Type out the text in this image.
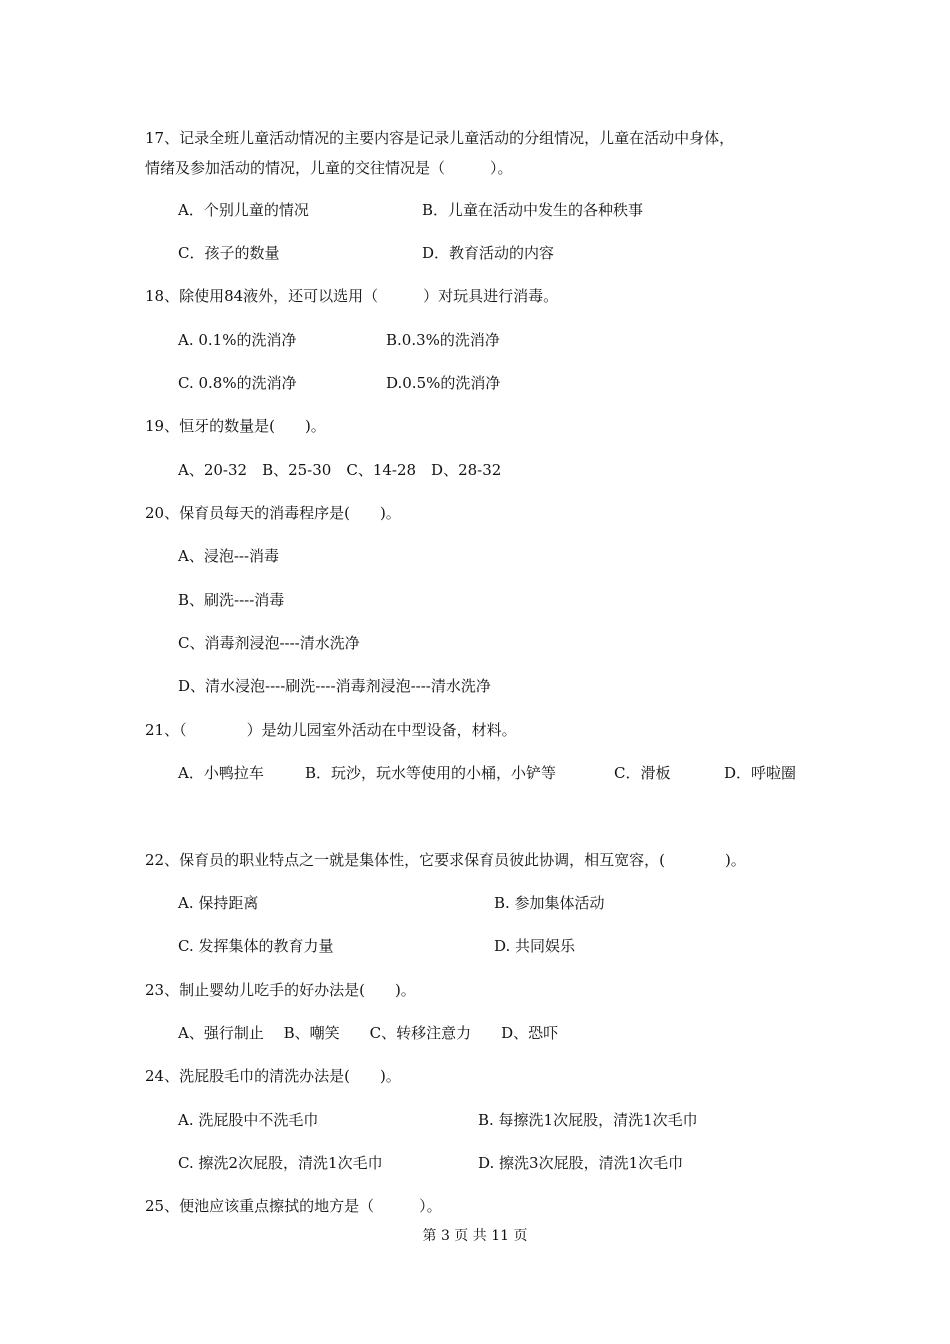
17、记录全班儿童活动情况的主要内容是记录儿童活动的分组情况，儿童在活动中身体，
情绪及参加活动的情况，儿童的交往情况是（　　　）。
A．个别儿童的情况	B．儿童在活动中发生的各种秩事
C．孩子的数量	D．教育活动的内容
18、除使用84液外，还可以选用（　　　）对玩具进行消毒。
A. 0.1%的洗消净	B.0.3%的洗消净
C. 0.8%的洗消净	D.0.5%的洗消净
19、恒牙的数量是(　　)。
A、20-32　B、25-30　C、14-28　D、28-32
20、保育员每天的消毒程序是(　　)。
A、浸泡---消毒
B、刷洗----消毒
C、消毒剂浸泡----清水洗净
D、清水浸泡----刷洗----消毒剂浸泡----清水洗净
21、（　　　　）是幼儿园室外活动在中型设备，材料。
A．小鸭拉车	B．玩沙，玩水等使用的小桶，小铲等	C．滑板	D．呼啦圈
22、保育员的职业特点之一就是集体性，它要求保育员彼此协调，相互宽容，(　　　　)。
A. 保持距离	B. 参加集体活动
C. 发挥集体的教育力量	D. 共同娱乐
23、制止婴幼儿吃手的好办法是(　　)。
A、强行制止　 B、嘲笑　　C、转移注意力　　D、恐吓
24、洗屁股毛巾的清洗办法是(　　)。
A. 洗屁股中不洗毛巾	B. 每擦洗1次屁股，清洗1次毛巾
C. 擦洗2次屁股，清洗1次毛巾	D. 擦洗3次屁股，清洗1次毛巾
25、便池应该重点擦拭的地方是（　　　）。
第 3 页 共 11 页
